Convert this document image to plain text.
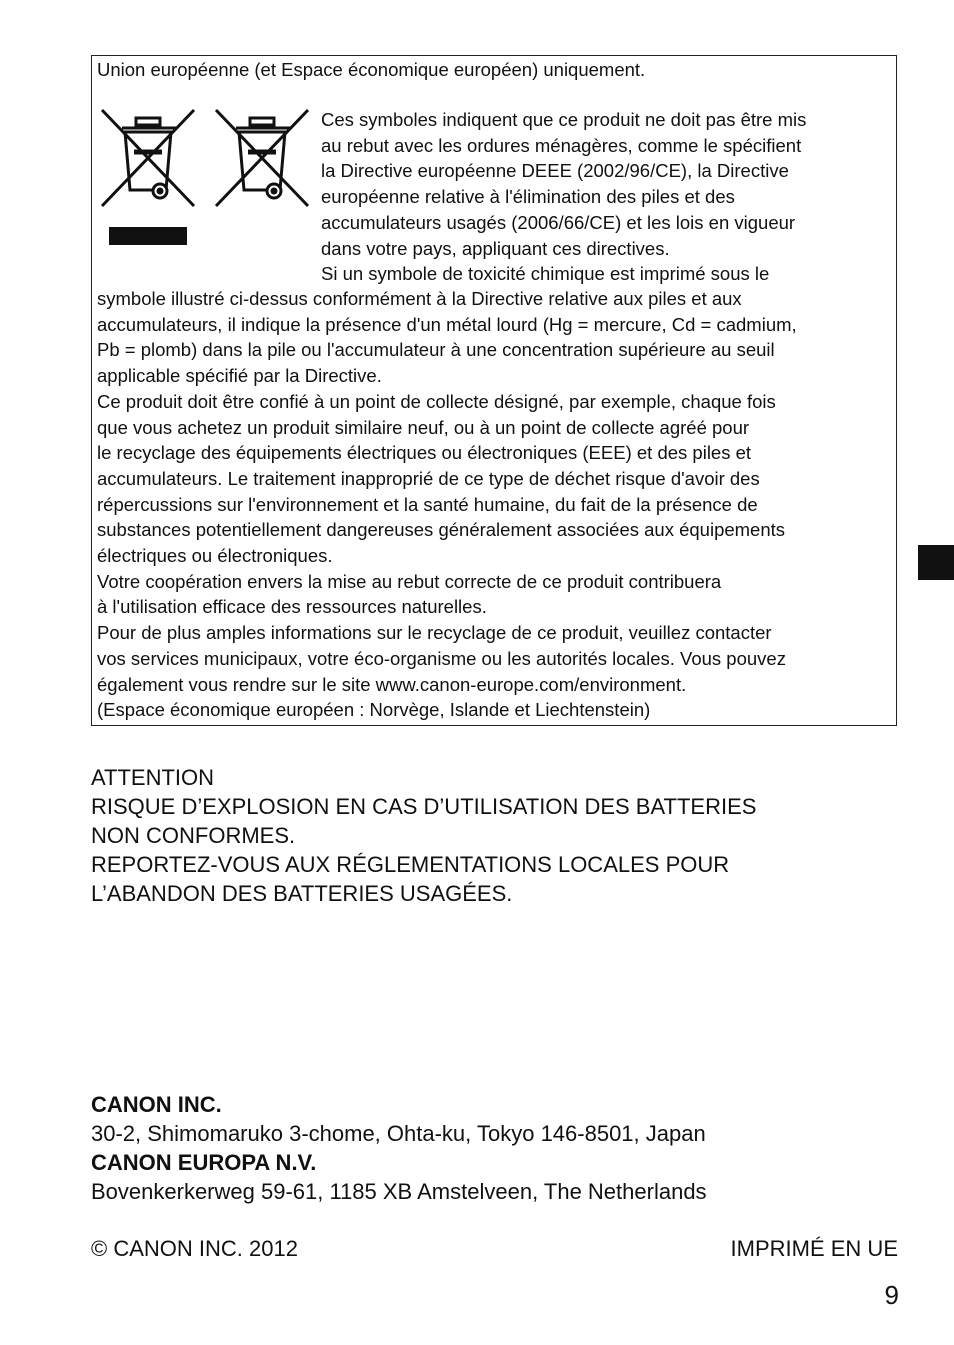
Union européenne (et Espace économique européen) uniquement.
Ces symboles indiquent que ce produit ne doit pas être mis
au rebut avec les ordures ménagères, comme le spécifient
la Directive européenne DEEE (2002/96/CE), la Directive
européenne relative à l'élimination des piles et des
accumulateurs usagés (2006/66/CE) et les lois en vigueur
dans votre pays, appliquant ces directives.
Si un symbole de toxicité chimique est imprimé sous le
symbole illustré ci-dessus conformément à la Directive relative aux piles et aux
accumulateurs, il indique la présence d'un métal lourd (Hg = mercure, Cd = cadmium,
Pb = plomb) dans la pile ou l'accumulateur à une concentration supérieure au seuil
applicable spécifié par la Directive.
Ce produit doit être confié à un point de collecte désigné, par exemple, chaque fois
que vous achetez un produit similaire neuf, ou à un point de collecte agréé pour
le recyclage des équipements électriques ou électroniques (EEE) et des piles et
accumulateurs. Le traitement inapproprié de ce type de déchet risque d'avoir des
répercussions sur l'environnement et la santé humaine, du fait de la présence de
substances potentiellement dangereuses généralement associées aux équipements
électriques ou électroniques.
Votre coopération envers la mise au rebut correcte de ce produit contribuera
à l'utilisation efficace des ressources naturelles.
Pour de plus amples informations sur le recyclage de ce produit, veuillez contacter
vos services municipaux, votre éco-organisme ou les autorités locales. Vous pouvez
également vous rendre sur le site www.canon-europe.com/environment.
(Espace économique européen : Norvège, Islande et Liechtenstein)
ATTENTION
RISQUE D’EXPLOSION EN CAS D’UTILISATION DES BATTERIES
NON CONFORMES.
REPORTEZ-VOUS AUX RÉGLEMENTATIONS LOCALES POUR
L’ABANDON DES BATTERIES USAGÉES.
CANON INC.
30-2, Shimomaruko 3-chome, Ohta-ku, Tokyo 146-8501, Japan
CANON EUROPA N.V.
Bovenkerkerweg 59-61, 1185 XB Amstelveen, The Netherlands
© CANON INC. 2012	IMPRIMÉ EN UE
9
